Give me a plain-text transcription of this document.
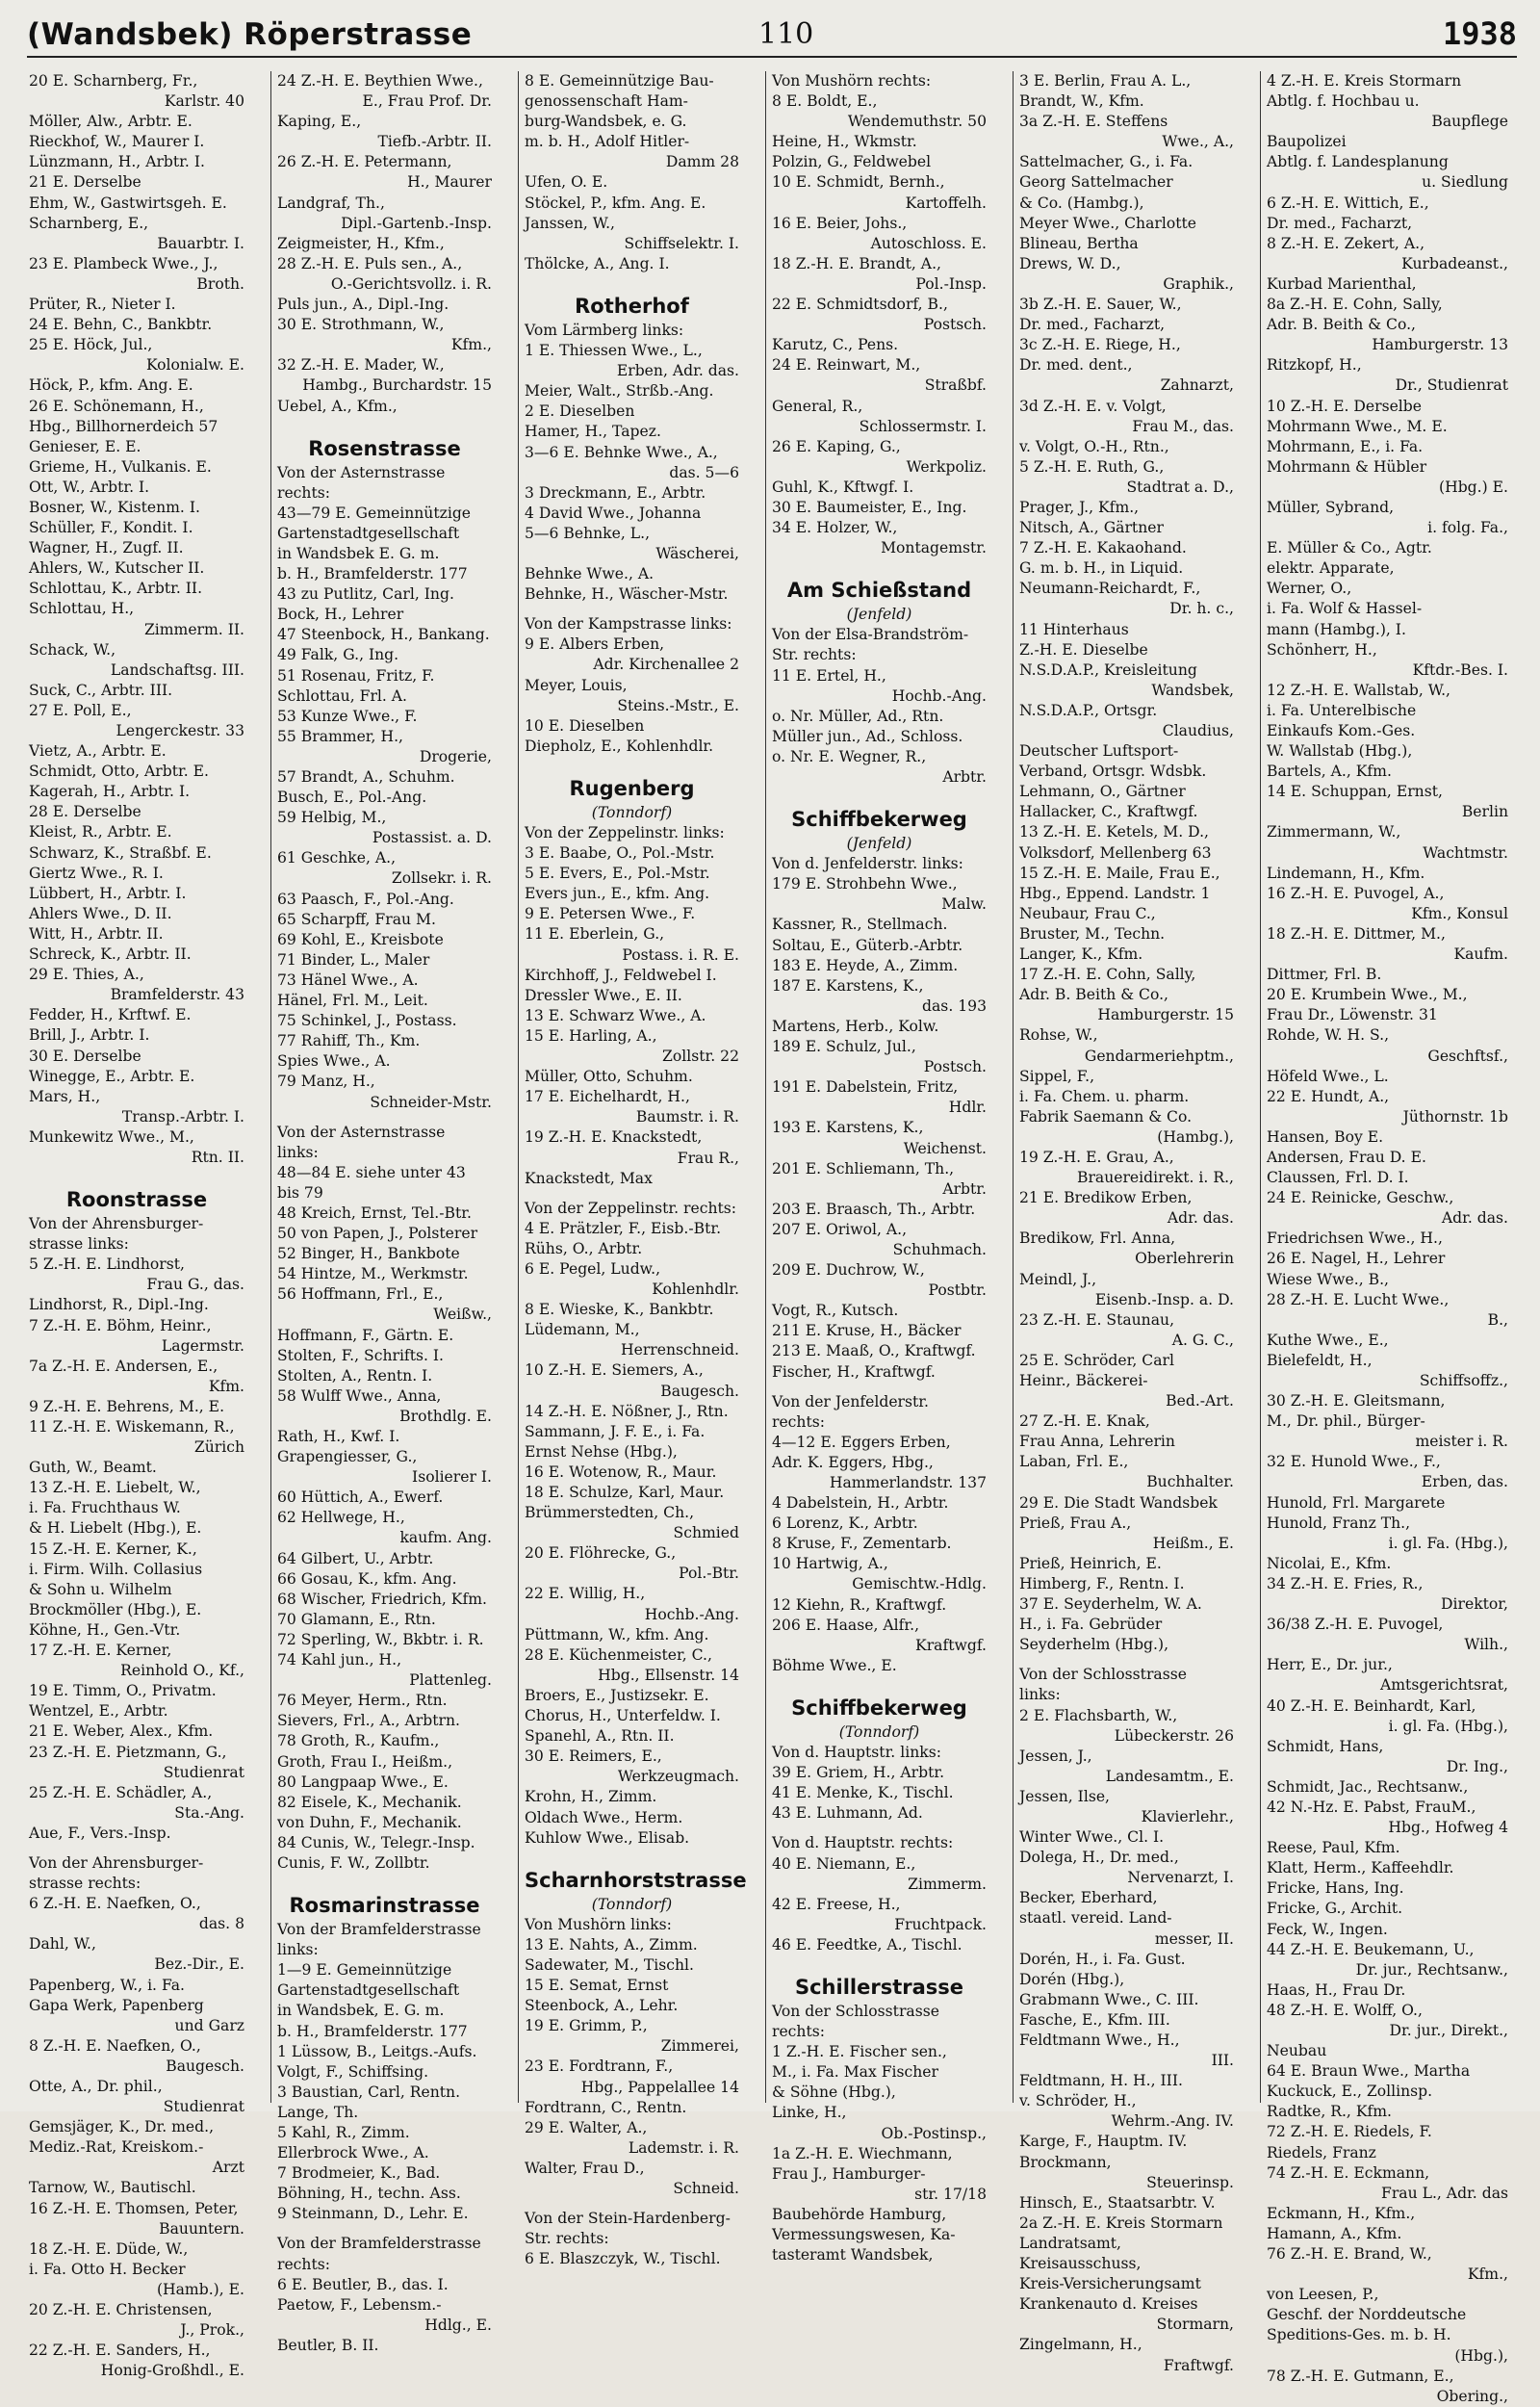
(Wandsbek) Röperstrasse	110	1938
20 E. Scharnberg, Fr.,
Karlstr. 40
Möller, Alw., Arbtr. E.
Rieckhof, W., Maurer I.
Lünzmann, H., Arbtr. I.
21 E. Derselbe
Ehm, W., Gastwirtsgeh. E.
Scharnberg, E.,
Bauarbtr. I.
23 E. Plambeck Wwe., J.,
Broth.
Prüter, R., Nieter I.
24 E. Behn, C., Bankbtr.
25 E. Höck, Jul.,
Kolonialw. E.
Höck, P., kfm. Ang. E.
26 E. Schönemann, H.,
Hbg., Billhornerdeich 57
Genieser, E. E.
Grieme, H., Vulkanis. E.
Ott, W., Arbtr. I.
Bosner, W., Kistenm. I.
Schüller, F., Kondit. I.
Wagner, H., Zugf. II.
Ahlers, W., Kutscher II.
Schlottau, K., Arbtr. II.
Schlottau, H.,
Zimmerm. II.
Schack, W.,
Landschaftsg. III.
Suck, C., Arbtr. III.
27 E. Poll, E.,
Lengerckestr. 33
Vietz, A., Arbtr. E.
Schmidt, Otto, Arbtr. E.
Kagerah, H., Arbtr. I.
28 E. Derselbe
Kleist, R., Arbtr. E.
Schwarz, K., Straßbf. E.
Giertz Wwe., R. I.
Lübbert, H., Arbtr. I.
Ahlers Wwe., D. II.
Witt, H., Arbtr. II.
Schreck, K., Arbtr. II.
29 E. Thies, A.,
Bramfelderstr. 43
Fedder, H., Krftwf. E.
Brill, J., Arbtr. I.
30 E. Derselbe
Winegge, E., Arbtr. E.
Mars, H.,
Transp.-Arbtr. I.
Munkewitz Wwe., M.,
Rtn. II.
Roonstrasse
Von der Ahrensburger-
strasse links:
5 Z.-H. E. Lindhorst,
Frau G., das.
Lindhorst, R., Dipl.-Ing.
7 Z.-H. E. Böhm, Heinr.,
Lagermstr.
7a Z.-H. E. Andersen, E.,
Kfm.
9 Z.-H. E. Behrens, M., E.
11 Z.-H. E. Wiskemann, R.,
Zürich
Guth, W., Beamt.
13 Z.-H. E. Liebelt, W.,
i. Fa. Fruchthaus W.
& H. Liebelt (Hbg.), E.
15 Z.-H. E. Kerner, K.,
i. Firm. Wilh. Collasius
& Sohn u. Wilhelm
Brockmöller (Hbg.), E.
Köhne, H., Gen.-Vtr.
17 Z.-H. E. Kerner,
Reinhold O., Kf.,
19 E. Timm, O., Privatm.
Wentzel, E., Arbtr.
21 E. Weber, Alex., Kfm.
23 Z.-H. E. Pietzmann, G.,
Studienrat
25 Z.-H. E. Schädler, A.,
Sta.-Ang.
Aue, F., Vers.-Insp.
Von der Ahrensburger-
strasse rechts:
6 Z.-H. E. Naefken, O.,
das. 8
Dahl, W.,
Bez.-Dir., E.
Papenberg, W., i. Fa.
Gapa Werk, Papenberg
und Garz
8 Z.-H. E. Naefken, O.,
Baugesch.
Otte, A., Dr. phil.,
Studienrat
Gemsjäger, K., Dr. med.,
Mediz.-Rat, Kreiskom.-
Arzt
Tarnow, W., Bautischl.
16 Z.-H. E. Thomsen, Peter,
Bauuntern.
18 Z.-H. E. Düde, W.,
i. Fa. Otto H. Becker
(Hamb.), E.
20 Z.-H. E. Christensen,
J., Prok.,
22 Z.-H. E. Sanders, H.,
Honig-Großhdl., E.
24 Z.-H. E. Beythien Wwe.,
E., Frau Prof. Dr.
Kaping, E.,
Tiefb.-Arbtr. II.
26 Z.-H. E. Petermann,
H., Maurer
Landgraf, Th.,
Dipl.-Gartenb.-Insp.
Zeigmeister, H., Kfm.,
28 Z.-H. E. Puls sen., A.,
O.-Gerichtsvollz. i. R.
Puls jun., A., Dipl.-Ing.
30 E. Strothmann, W.,
Kfm.,
32 Z.-H. E. Mader, W.,
Hambg., Burchardstr. 15
Uebel, A., Kfm.,
Rosenstrasse
Von der Asternstrasse
rechts:
43—79 E. Gemeinnützige
Gartenstadtgesellschaft
in Wandsbek E. G. m.
b. H., Bramfelderstr. 177
43 zu Putlitz, Carl, Ing.
Bock, H., Lehrer
47 Steenbock, H., Bankang.
49 Falk, G., Ing.
51 Rosenau, Fritz, F.
Schlottau, Frl. A.
53 Kunze Wwe., F.
55 Brammer, H.,
Drogerie,
57 Brandt, A., Schuhm.
Busch, E., Pol.-Ang.
59 Helbig, M.,
Postassist. a. D.
61 Geschke, A.,
Zollsekr. i. R.
63 Paasch, F., Pol.-Ang.
65 Scharpff, Frau M.
69 Kohl, E., Kreisbote
71 Binder, L., Maler
73 Hänel Wwe., A.
Hänel, Frl. M., Leit.
75 Schinkel, J., Postass.
77 Rahiff, Th., Km.
Spies Wwe., A.
79 Manz, H.,
Schneider-Mstr.
Von der Asternstrasse
links:
48—84 E. siehe unter 43
bis 79
48 Kreich, Ernst, Tel.-Btr.
50 von Papen, J., Polsterer
52 Binger, H., Bankbote
54 Hintze, M., Werkmstr.
56 Hoffmann, Frl., E.,
Weißw.,
Hoffmann, F., Gärtn. E.
Stolten, F., Schrifts. I.
Stolten, A., Rentn. I.
58 Wulff Wwe., Anna,
Brothdlg. E.
Rath, H., Kwf. I.
Grapengiesser, G.,
Isolierer I.
60 Hüttich, A., Ewerf.
62 Hellwege, H.,
kaufm. Ang.
64 Gilbert, U., Arbtr.
66 Gosau, K., kfm. Ang.
68 Wischer, Friedrich, Kfm.
70 Glamann, E., Rtn.
72 Sperling, W., Bkbtr. i. R.
74 Kahl jun., H.,
Plattenleg.
76 Meyer, Herm., Rtn.
Sievers, Frl., A., Arbtrn.
78 Groth, R., Kaufm.,
Groth, Frau I., Heißm.,
80 Langpaap Wwe., E.
82 Eisele, K., Mechanik.
von Duhn, F., Mechanik.
84 Cunis, W., Telegr.-Insp.
Cunis, F. W., Zollbtr.
Rosmarinstrasse
Von der Bramfelderstrasse
links:
1—9 E. Gemeinnützige
Gartenstadtgesellschaft
in Wandsbek, E. G. m.
b. H., Bramfelderstr. 177
1 Lüssow, B., Leitgs.-Aufs.
Volgt, F., Schiffsing.
3 Baustian, Carl, Rentn.
Lange, Th.
5 Kahl, R., Zimm.
Ellerbrock Wwe., A.
7 Brodmeier, K., Bad.
Böhning, H., techn. Ass.
9 Steinmann, D., Lehr. E.
Von der Bramfelderstrasse
rechts:
6 E. Beutler, B., das. I.
Paetow, F., Lebensm.-
Hdlg., E.
Beutler, B. II.
8 E. Gemeinnützige Bau-
genossenschaft Ham-
burg-Wandsbek, e. G.
m. b. H., Adolf Hitler-
Damm 28
Ufen, O. E.
Stöckel, P., kfm. Ang. E.
Janssen, W.,
Schiffselektr. I.
Thölcke, A., Ang. I.
Rotherhof
Vom Lärmberg links:
1 E. Thiessen Wwe., L.,
Erben, Adr. das.
Meier, Walt., Strßb.-Ang.
2 E. Dieselben
Hamer, H., Tapez.
3—6 E. Behnke Wwe., A.,
das. 5—6
3 Dreckmann, E., Arbtr.
4 David Wwe., Johanna
5—6 Behnke, L.,
Wäscherei,
Behnke Wwe., A.
Behnke, H., Wäscher-Mstr.
Von der Kampstrasse links:
9 E. Albers Erben,
Adr. Kirchenallee 2
Meyer, Louis,
Steins.-Mstr., E.
10 E. Dieselben
Diepholz, E., Kohlenhdlr.
Rugenberg
(Tonndorf)
Von der Zeppelinstr. links:
3 E. Baabe, O., Pol.-Mstr.
5 E. Evers, E., Pol.-Mstr.
Evers jun., E., kfm. Ang.
9 E. Petersen Wwe., F.
11 E. Eberlein, G.,
Postass. i. R. E.
Kirchhoff, J., Feldwebel I.
Dressler Wwe., E. II.
13 E. Schwarz Wwe., A.
15 E. Harling, A.,
Zollstr. 22
Müller, Otto, Schuhm.
17 E. Eichelhardt, H.,
Baumstr. i. R.
19 Z.-H. E. Knackstedt,
Frau R.,
Knackstedt, Max
Von der Zeppelinstr. rechts:
4 E. Prätzler, F., Eisb.-Btr.
Rühs, O., Arbtr.
6 E. Pegel, Ludw.,
Kohlenhdlr.
8 E. Wieske, K., Bankbtr.
Lüdemann, M.,
Herrenschneid.
10 Z.-H. E. Siemers, A.,
Baugesch.
14 Z.-H. E. Nößner, J., Rtn.
Sammann, J. F. E., i. Fa.
Ernst Nehse (Hbg.),
16 E. Wotenow, R., Maur.
18 E. Schulze, Karl, Maur.
Brümmerstedten, Ch.,
Schmied
20 E. Flöhrecke, G.,
Pol.-Btr.
22 E. Willig, H.,
Hochb.-Ang.
Püttmann, W., kfm. Ang.
28 E. Küchenmeister, C.,
Hbg., Ellsenstr. 14
Broers, E., Justizsekr. E.
Chorus, H., Unterfeldw. I.
Spanehl, A., Rtn. II.
30 E. Reimers, E.,
Werkzeugmach.
Krohn, H., Zimm.
Oldach Wwe., Herm.
Kuhlow Wwe., Elisab.
Scharnhorststrasse
(Tonndorf)
Von Mushörn links:
13 E. Nahts, A., Zimm.
Sadewater, M., Tischl.
15 E. Semat, Ernst
Steenbock, A., Lehr.
19 E. Grimm, P.,
Zimmerei,
23 E. Fordtrann, F.,
Hbg., Pappelallee 14
Fordtrann, C., Rentn.
29 E. Walter, A.,
Lademstr. i. R.
Walter, Frau D.,
Schneid.
Von der Stein-Hardenberg-
Str. rechts:
6 E. Blaszczyk, W., Tischl.
Von Mushörn rechts:
8 E. Boldt, E.,
Wendemuthstr. 50
Heine, H., Wkmstr.
Polzin, G., Feldwebel
10 E. Schmidt, Bernh.,
Kartoffelh.
16 E. Beier, Johs.,
Autoschloss. E.
18 Z.-H. E. Brandt, A.,
Pol.-Insp.
22 E. Schmidtsdorf, B.,
Postsch.
Karutz, C., Pens.
24 E. Reinwart, M.,
Straßbf.
General, R.,
Schlossermstr. I.
26 E. Kaping, G.,
Werkpoliz.
Guhl, K., Kftwgf. I.
30 E. Baumeister, E., Ing.
34 E. Holzer, W.,
Montagemstr.
Am Schießstand
(Jenfeld)
Von der Elsa-Brandström-
Str. rechts:
11 E. Ertel, H.,
Hochb.-Ang.
o. Nr. Müller, Ad., Rtn.
Müller jun., Ad., Schloss.
o. Nr. E. Wegner, R.,
Arbtr.
Schiffbekerweg
(Jenfeld)
Von d. Jenfelderstr. links:
179 E. Strohbehn Wwe.,
Malw.
Kassner, R., Stellmach.
Soltau, E., Güterb.-Arbtr.
183 E. Heyde, A., Zimm.
187 E. Karstens, K.,
das. 193
Martens, Herb., Kolw.
189 E. Schulz, Jul.,
Postsch.
191 E. Dabelstein, Fritz,
Hdlr.
193 E. Karstens, K.,
Weichenst.
201 E. Schliemann, Th.,
Arbtr.
203 E. Braasch, Th., Arbtr.
207 E. Oriwol, A.,
Schuhmach.
209 E. Duchrow, W.,
Postbtr.
Vogt, R., Kutsch.
211 E. Kruse, H., Bäcker
213 E. Maaß, O., Kraftwgf.
Fischer, H., Kraftwgf.
Von der Jenfelderstr.
rechts:
4—12 E. Eggers Erben,
Adr. K. Eggers, Hbg.,
Hammerlandstr. 137
4 Dabelstein, H., Arbtr.
6 Lorenz, K., Arbtr.
8 Kruse, F., Zementarb.
10 Hartwig, A.,
Gemischtw.-Hdlg.
12 Kiehn, R., Kraftwgf.
206 E. Haase, Alfr.,
Kraftwgf.
Böhme Wwe., E.
Schiffbekerweg
(Tonndorf)
Von d. Hauptstr. links:
39 E. Griem, H., Arbtr.
41 E. Menke, K., Tischl.
43 E. Luhmann, Ad.
Von d. Hauptstr. rechts:
40 E. Niemann, E.,
Zimmerm.
42 E. Freese, H.,
Fruchtpack.
46 E. Feedtke, A., Tischl.
Schillerstrasse
Von der Schlosstrasse
rechts:
1 Z.-H. E. Fischer sen.,
M., i. Fa. Max Fischer
& Söhne (Hbg.),
Linke, H.,
Ob.-Postinsp.,
1a Z.-H. E. Wiechmann,
Frau J., Hamburger-
str. 17/18
Baubehörde Hamburg,
Vermessungswesen, Ka-
tasteramt Wandsbek,
3 E. Berlin, Frau A. L.,
Brandt, W., Kfm.
3a Z.-H. E. Steffens
Wwe., A.,
Sattelmacher, G., i. Fa.
Georg Sattelmacher
& Co. (Hambg.),
Meyer Wwe., Charlotte
Blineau, Bertha
Drews, W. D.,
Graphik.,
3b Z.-H. E. Sauer, W.,
Dr. med., Facharzt,
3c Z.-H. E. Riege, H.,
Dr. med. dent.,
Zahnarzt,
3d Z.-H. E. v. Volgt,
Frau M., das.
v. Volgt, O.-H., Rtn.,
5 Z.-H. E. Ruth, G.,
Stadtrat a. D.,
Prager, J., Kfm.,
Nitsch, A., Gärtner
7 Z.-H. E. Kakaohand.
G. m. b. H., in Liquid.
Neumann-Reichardt, F.,
Dr. h. c.,
11 Hinterhaus
Z.-H. E. Dieselbe
N.S.D.A.P., Kreisleitung
Wandsbek,
N.S.D.A.P., Ortsgr.
Claudius,
Deutscher Luftsport-
Verband, Ortsgr. Wdsbk.
Lehmann, O., Gärtner
Hallacker, C., Kraftwgf.
13 Z.-H. E. Ketels, M. D.,
Volksdorf, Mellenberg 63
15 Z.-H. E. Maile, Frau E.,
Hbg., Eppend. Landstr. 1
Neubaur, Frau C.,
Bruster, M., Techn.
Langer, K., Kfm.
17 Z.-H. E. Cohn, Sally,
Adr. B. Beith & Co.,
Hamburgerstr. 15
Rohse, W.,
Gendarmeriehptm.,
Sippel, F.,
i. Fa. Chem. u. pharm.
Fabrik Saemann & Co.
(Hambg.),
19 Z.-H. E. Grau, A.,
Brauereidirekt. i. R.,
21 E. Bredikow Erben,
Adr. das.
Bredikow, Frl. Anna,
Oberlehrerin
Meindl, J.,
Eisenb.-Insp. a. D.
23 Z.-H. E. Staunau,
A. G. C.,
25 E. Schröder, Carl
Heinr., Bäckerei-
Bed.-Art.
27 Z.-H. E. Knak,
Frau Anna, Lehrerin
Laban, Frl. E.,
Buchhalter.
29 E. Die Stadt Wandsbek
Prieß, Frau A.,
Heißm., E.
Prieß, Heinrich, E.
Himberg, F., Rentn. I.
37 E. Seyderhelm, W. A.
H., i. Fa. Gebrüder
Seyderhelm (Hbg.),
Von der Schlosstrasse
links:
2 E. Flachsbarth, W.,
Lübeckerstr. 26
Jessen, J.,
Landesamtm., E.
Jessen, Ilse,
Klavierlehr.,
Winter Wwe., Cl. I.
Dolega, H., Dr. med.,
Nervenarzt, I.
Becker, Eberhard,
staatl. vereid. Land-
messer, II.
Dorén, H., i. Fa. Gust.
Dorén (Hbg.),
Grabmann Wwe., C. III.
Fasche, E., Kfm. III.
Feldtmann Wwe., H.,
III.
Feldtmann, H. H., III.
v. Schröder, H.,
Wehrm.-Ang. IV.
Karge, F., Hauptm. IV.
Brockmann,
Steuerinsp.
Hinsch, E., Staatsarbtr. V.
2a Z.-H. E. Kreis Stormarn
Landratsamt,
Kreisausschuss,
Kreis-Versicherungsamt
Krankenauto d. Kreises
Stormarn,
Zingelmann, H.,
Fraftwgf.
4 Z.-H. E. Kreis Stormarn
Abtlg. f. Hochbau u.
Baupflege
Baupolizei
Abtlg. f. Landesplanung
u. Siedlung
6 Z.-H. E. Wittich, E.,
Dr. med., Facharzt,
8 Z.-H. E. Zekert, A.,
Kurbadeanst.,
Kurbad Marienthal,
8a Z.-H. E. Cohn, Sally,
Adr. B. Beith & Co.,
Hamburgerstr. 13
Ritzkopf, H.,
Dr., Studienrat
10 Z.-H. E. Derselbe
Mohrmann Wwe., M. E.
Mohrmann, E., i. Fa.
Mohrmann & Hübler
(Hbg.) E.
Müller, Sybrand,
i. folg. Fa.,
E. Müller & Co., Agtr.
elektr. Apparate,
Werner, O.,
i. Fa. Wolf & Hassel-
mann (Hambg.), I.
Schönherr, H.,
Kftdr.-Bes. I.
12 Z.-H. E. Wallstab, W.,
i. Fa. Unterelbische
Einkaufs Kom.-Ges.
W. Wallstab (Hbg.),
Bartels, A., Kfm.
14 E. Schuppan, Ernst,
Berlin
Zimmermann, W.,
Wachtmstr.
Lindemann, H., Kfm.
16 Z.-H. E. Puvogel, A.,
Kfm., Konsul
18 Z.-H. E. Dittmer, M.,
Kaufm.
Dittmer, Frl. B.
20 E. Krumbein Wwe., M.,
Frau Dr., Löwenstr. 31
Rohde, W. H. S.,
Geschftsf.,
Höfeld Wwe., L.
22 E. Hundt, A.,
Jüthornstr. 1b
Hansen, Boy E.
Andersen, Frau D. E.
Claussen, Frl. D. I.
24 E. Reinicke, Geschw.,
Adr. das.
Friedrichsen Wwe., H.,
26 E. Nagel, H., Lehrer
Wiese Wwe., B.,
28 Z.-H. E. Lucht Wwe.,
B.,
Kuthe Wwe., E.,
Bielefeldt, H.,
Schiffsoffz.,
30 Z.-H. E. Gleitsmann,
M., Dr. phil., Bürger-
meister i. R.
32 E. Hunold Wwe., F.,
Erben, das.
Hunold, Frl. Margarete
Hunold, Franz Th.,
i. gl. Fa. (Hbg.),
Nicolai, E., Kfm.
34 Z.-H. E. Fries, R.,
Direktor,
36/38 Z.-H. E. Puvogel,
Wilh.,
Herr, E., Dr. jur.,
Amtsgerichtsrat,
40 Z.-H. E. Beinhardt, Karl,
i. gl. Fa. (Hbg.),
Schmidt, Hans,
Dr. Ing.,
Schmidt, Jac., Rechtsanw.,
42 N.-Hz. E. Pabst, FrauM.,
Hbg., Hofweg 4
Reese, Paul, Kfm.
Klatt, Herm., Kaffeehdlr.
Fricke, Hans, Ing.
Fricke, G., Archit.
Feck, W., Ingen.
44 Z.-H. E. Beukemann, U.,
Dr. jur., Rechtsanw.,
Haas, H., Frau Dr.
48 Z.-H. E. Wolff, O.,
Dr. jur., Direkt.,
Neubau
64 E. Braun Wwe., Martha
Kuckuck, E., Zollinsp.
Radtke, R., Kfm.
72 Z.-H. E. Riedels, F.
Riedels, Franz
74 Z.-H. E. Eckmann,
Frau L., Adr. das
Eckmann, H., Kfm.,
Hamann, A., Kfm.
76 Z.-H. E. Brand, W.,
Kfm.,
von Leesen, P.,
Geschf. der Norddeutsche
Speditions-Ges. m. b. H.
(Hbg.),
78 Z.-H. E. Gutmann, E.,
Obering.,
